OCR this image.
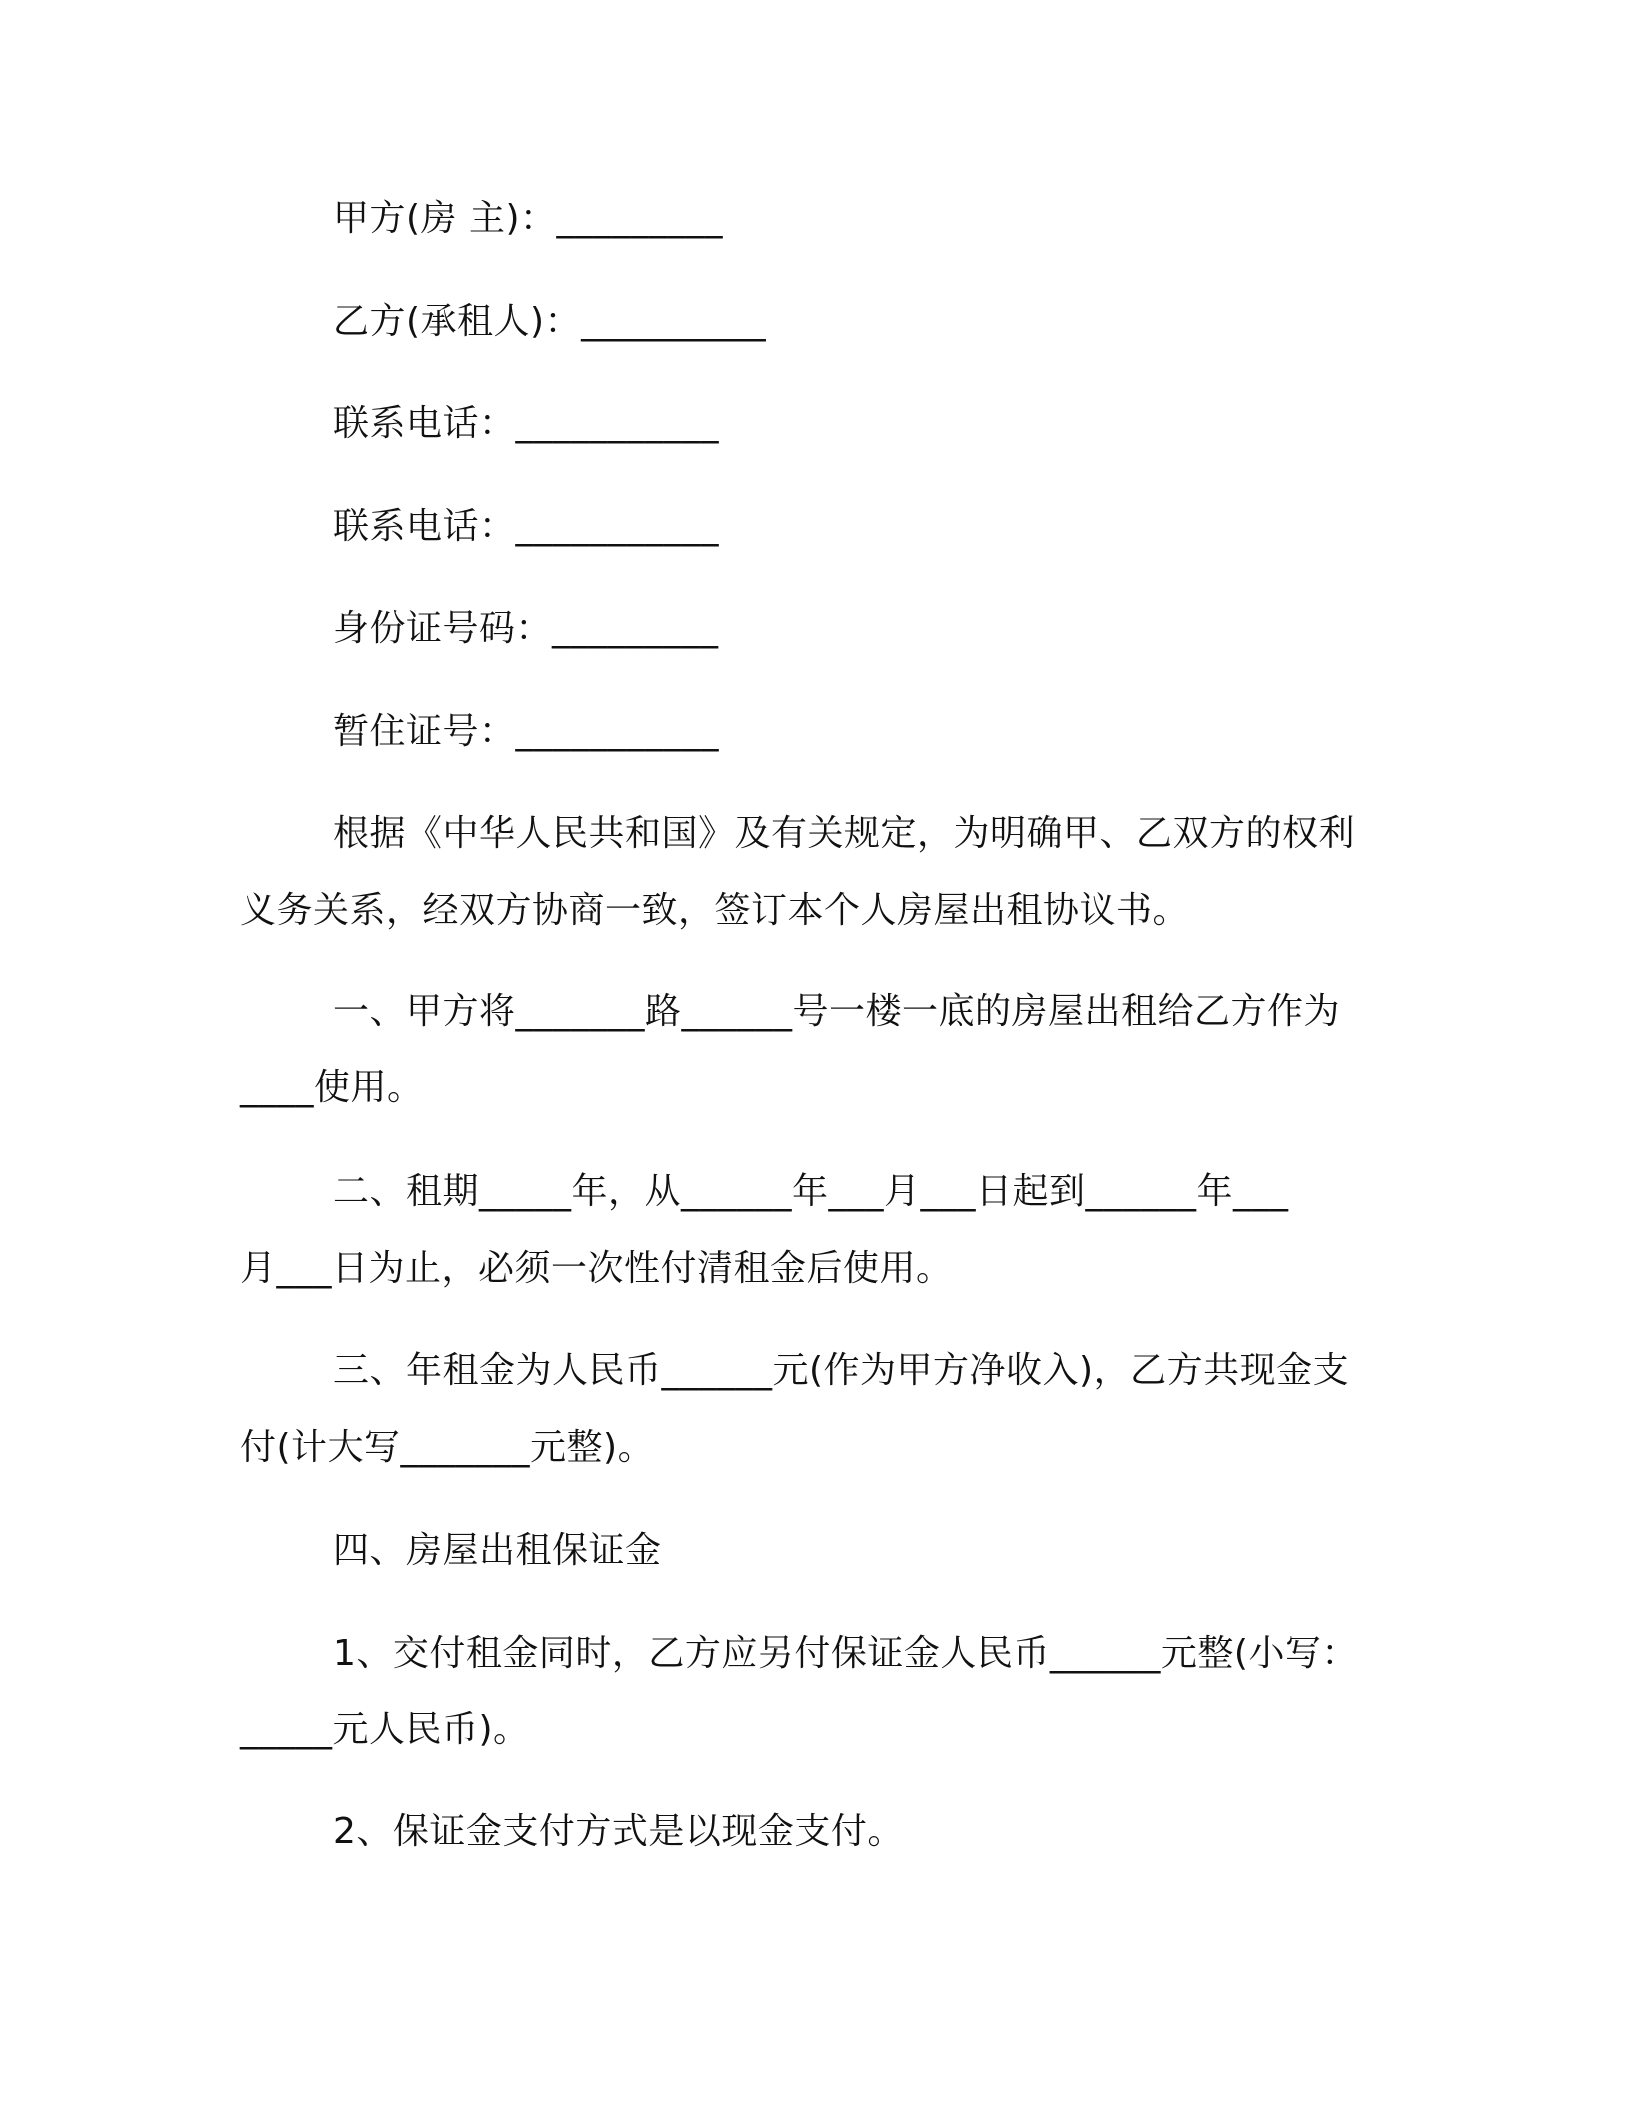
甲方(房 主)：_________
乙方(承租人)：__________
联系电话：___________
联系电话：___________
身份证号码：_________
暂住证号：___________
根据《中华人民共和国》及有关规定，为明确甲、乙双方的权利
义务关系，经双方协商一致，签订本个人房屋出租协议书。
一、甲方将_______路______号一楼一底的房屋出租给乙方作为
____使用。
二、租期_____年，从______年___月___日起到______年___
月___日为止，必须一次性付清租金后使用。
三、年租金为人民币______元(作为甲方净收入)，乙方共现金支
付(计大写_______元整)。
四、房屋出租保证金
1、交付租金同时，乙方应另付保证金人民币______元整(小写：
_____元人民币)。
2、保证金支付方式是以现金支付。
